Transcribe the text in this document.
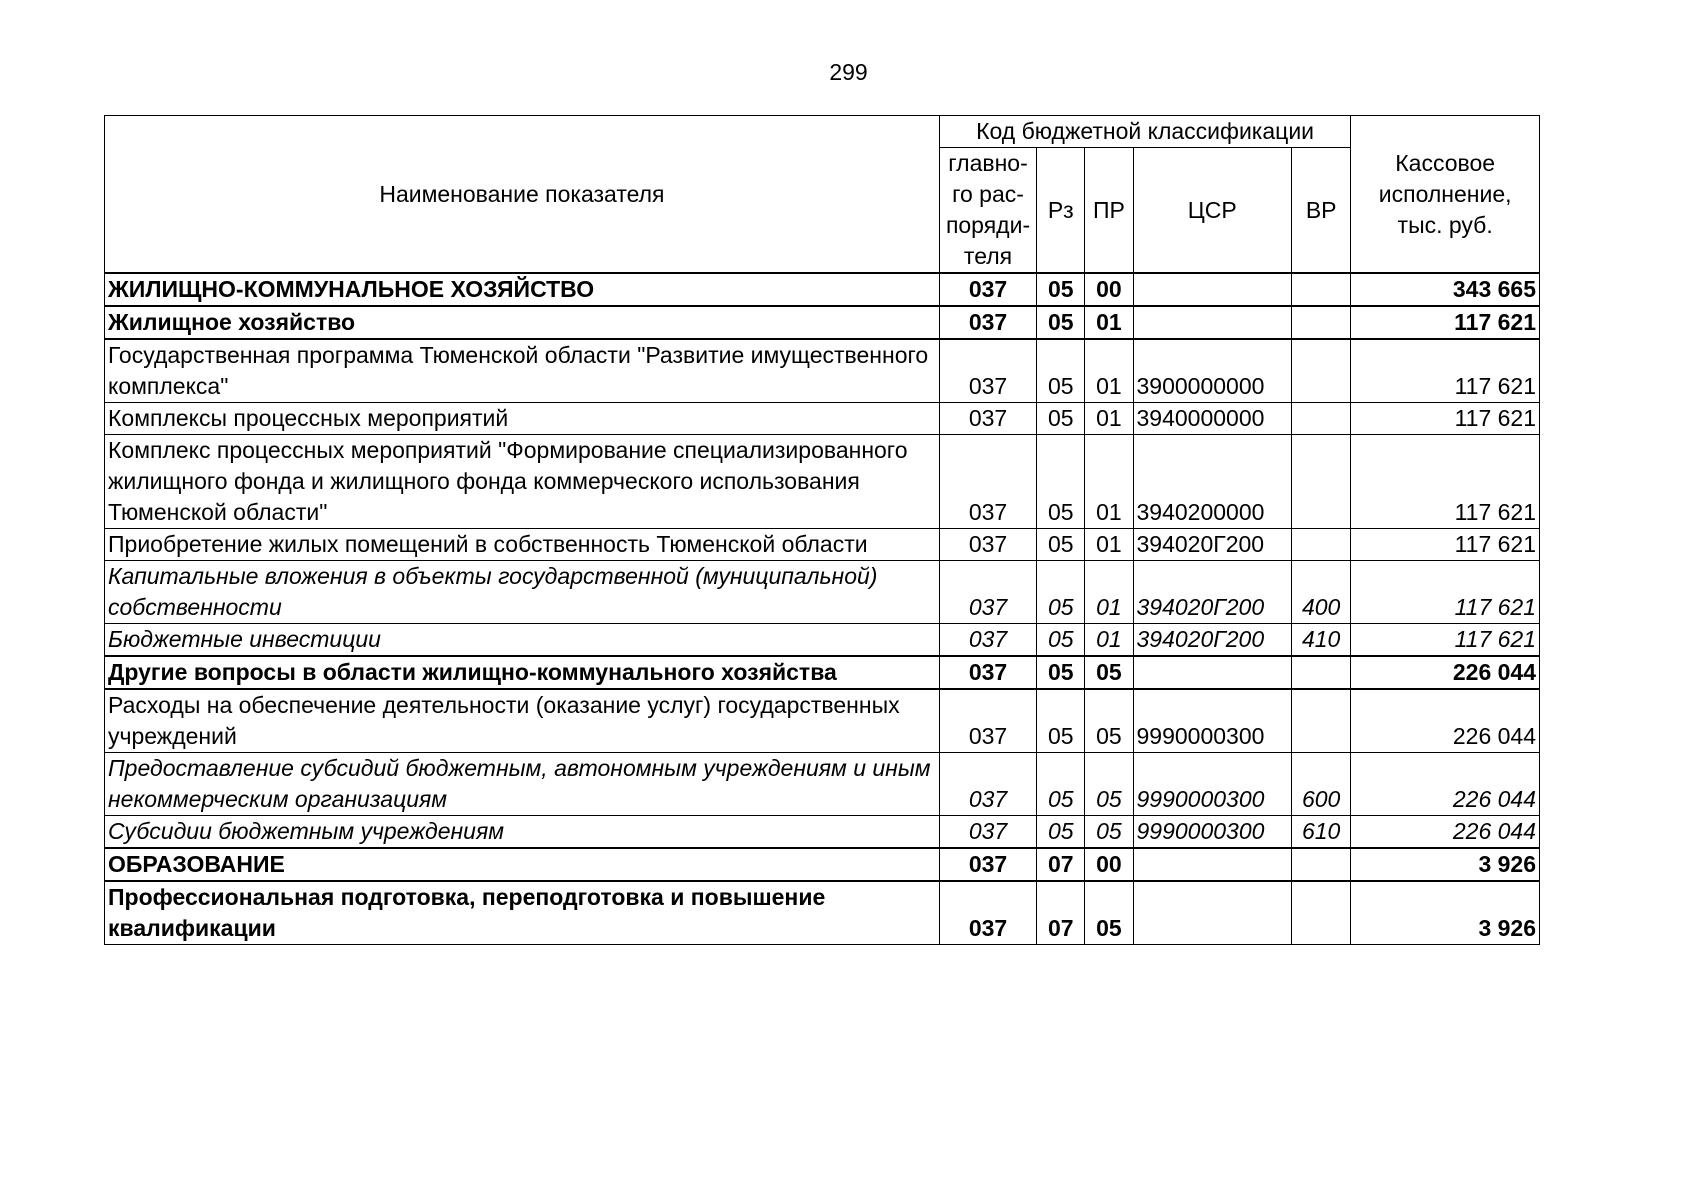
299
Наименование показателя	Код бюджетной классификации					Кассовое
исполнение,
тыс. руб.

	главно-
го рас-
поряди-
теля	Рз	ПР	ЦСР	ВР	
ЖИЛИЩНО-КОММУНАЛЬНОЕ ХОЗЯЙСТВО	037	05	00			343 665
Жилищное хозяйство	037	05	01			117 621
Государственная программа Тюменской области "Развитие имущественного комплекса"	037	05	01	3900000000		117 621
Комплексы процессных мероприятий	037	05	01	3940000000		117 621
Комплекс процессных мероприятий "Формирование специализированного жилищного фонда и жилищного фонда коммерческого использования Тюменской области"	037	05	01	3940200000		117 621
Приобретение жилых помещений в собственность Тюменской области	037	05	01	394020Г200		117 621
Капитальные вложения в объекты государственной (муниципальной) собственности	037	05	01	394020Г200	400	117 621
Бюджетные инвестиции	037	05	01	394020Г200	410	117 621
Другие вопросы в области жилищно-коммунального хозяйства	037	05	05			226 044
Расходы на обеспечение деятельности (оказание услуг) государственных учреждений	037	05	05	9990000300		226 044
Предоставление субсидий бюджетным, автономным учреждениям и иным некоммерческим организациям	037	05	05	9990000300	600	226 044
Субсидии бюджетным учреждениям	037	05	05	9990000300	610	226 044
ОБРАЗОВАНИЕ	037	07	00			3 926
Профессиональная подготовка, переподготовка и повышение квалификации	037	07	05			3 926
